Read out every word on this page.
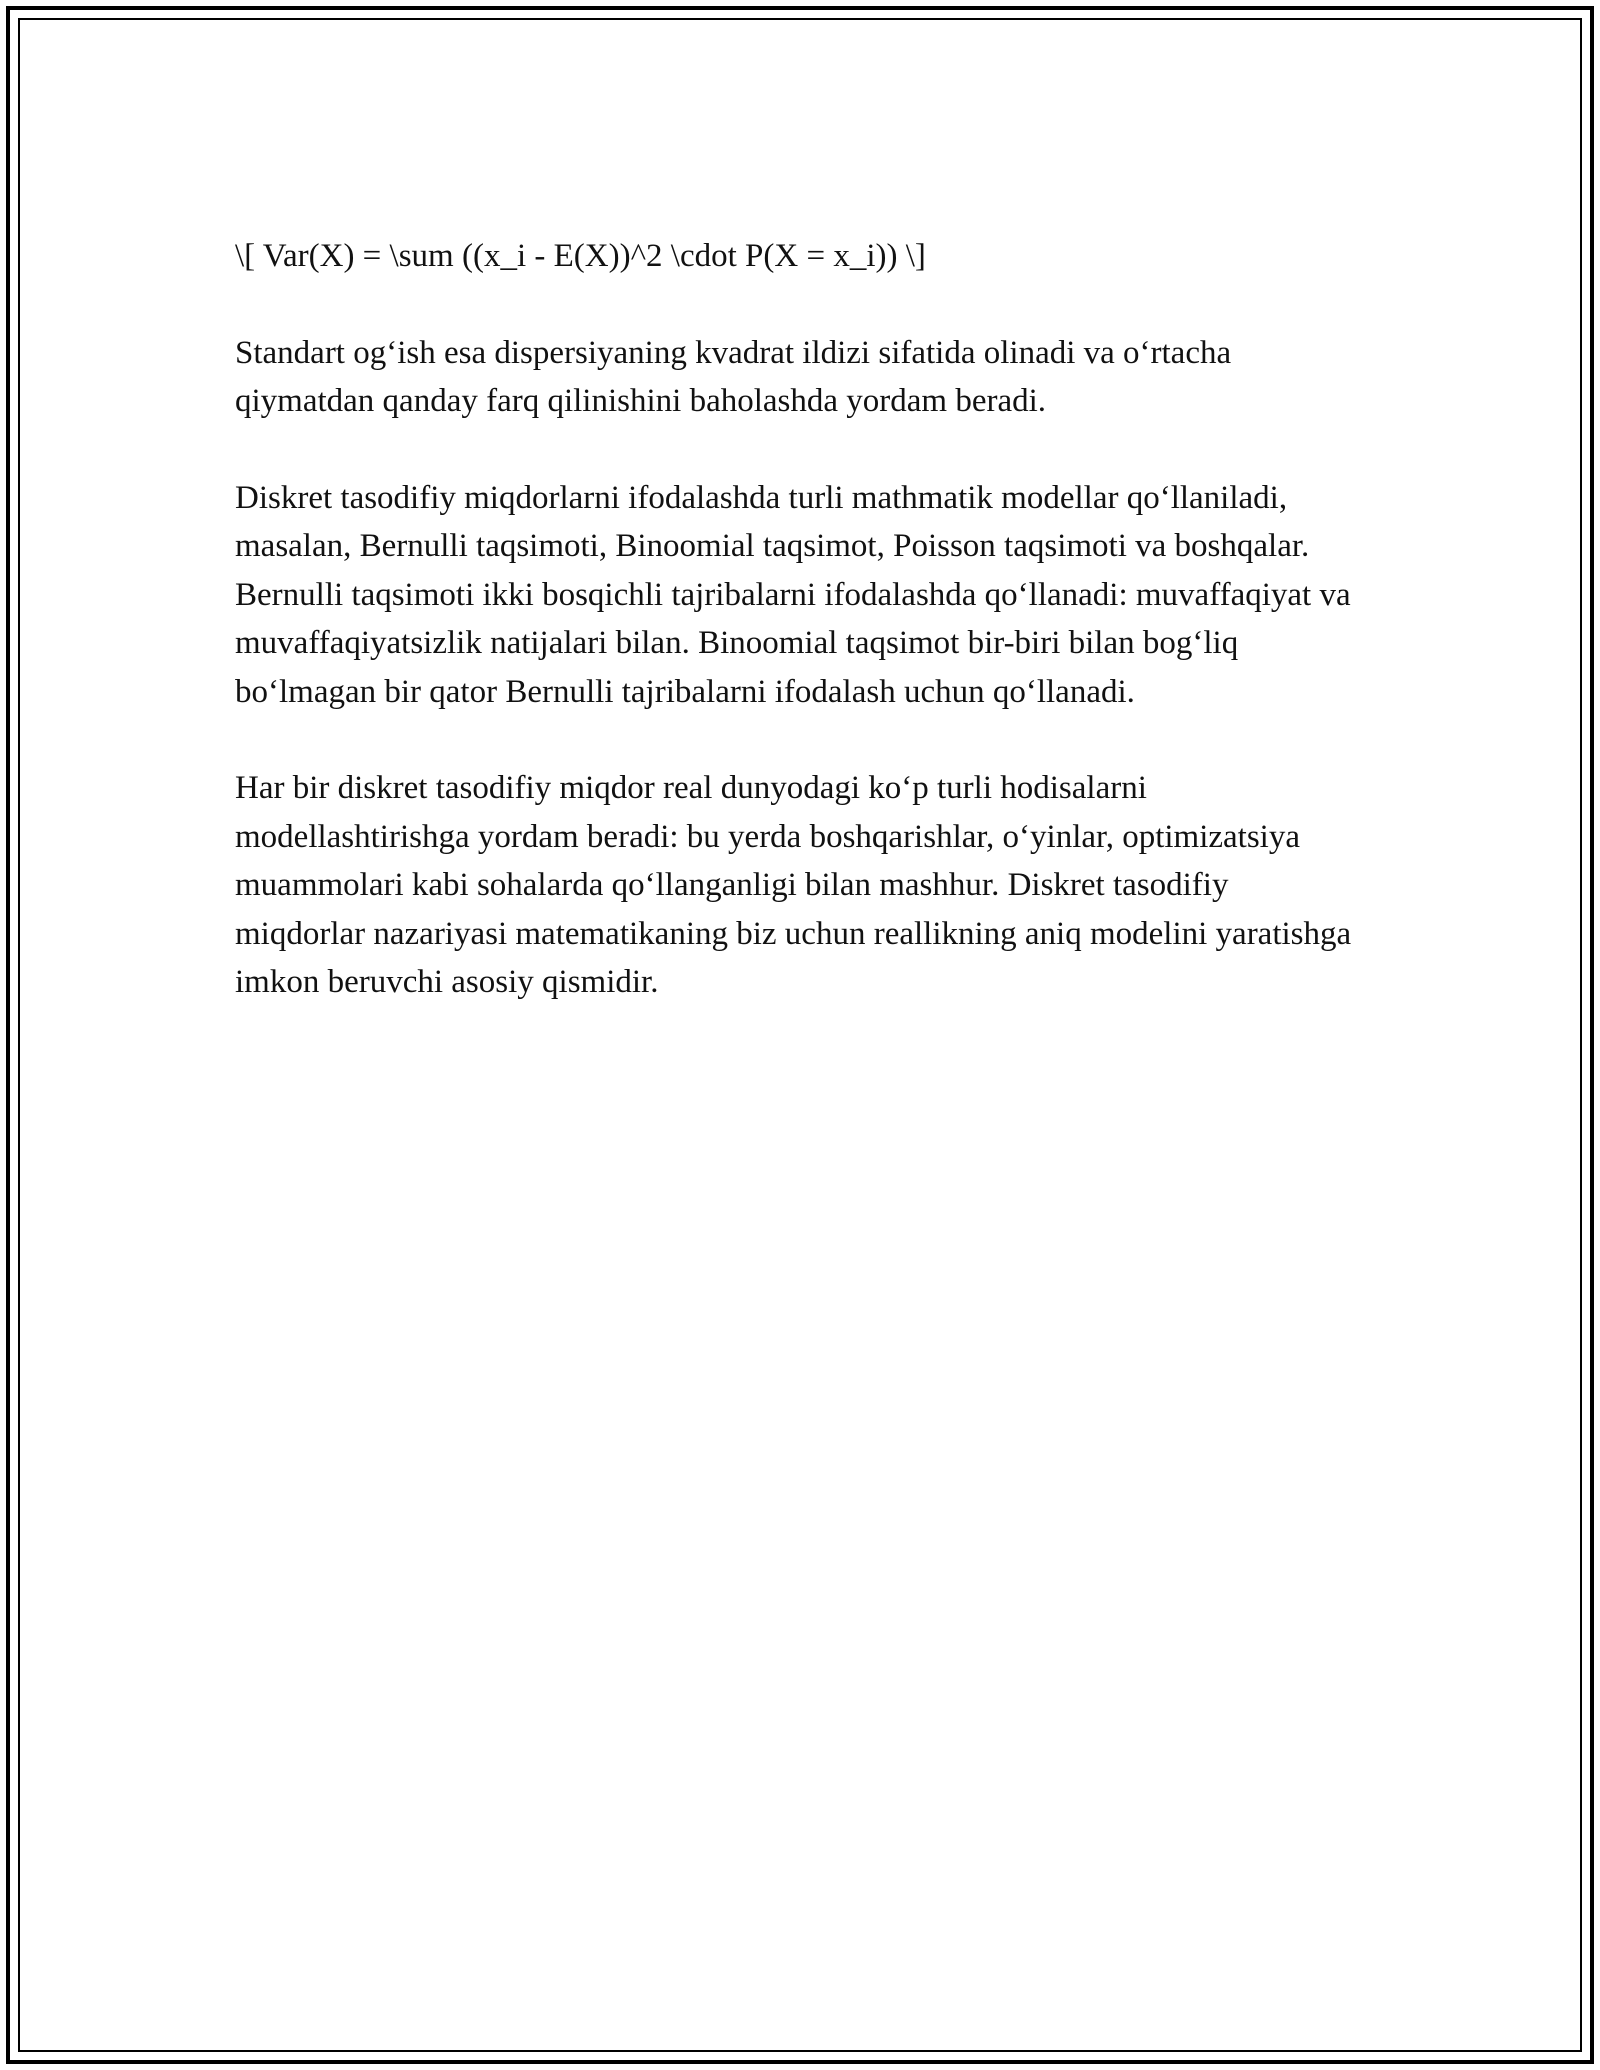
\[ Var(X) = \sum ((x_i - E(X))^2 \cdot P(X = x_i)) \]

Standart og‘ish esa dispersiyaning kvadrat ildizi sifatida olinadi va o‘rtacha qiymatdan qanday farq qilinishini baholashda yordam beradi.

Diskret tasodifiy miqdorlarni ifodalashda turli mathmatik modellar qo‘llaniladi, masalan, Bernulli taqsimoti, Binoomial taqsimot, Poisson taqsimoti va boshqalar. Bernulli taqsimoti ikki bosqichli tajribalarni ifodalashda qo‘llanadi: muvaffaqiyat va muvaffaqiyatsizlik natijalari bilan. Binoomial taqsimot bir-biri bilan bog‘liq bo‘lmagan bir qator Bernulli tajribalarni ifodalash uchun qo‘llanadi.

Har bir diskret tasodifiy miqdor real dunyodagi ko‘p turli hodisalarni modellashtirishga yordam beradi: bu yerda boshqarishlar, o‘yinlar, optimizatsiya muammolari kabi sohalarda qo‘llanganligi bilan mashhur. Diskret tasodifiy miqdorlar nazariyasi matematikaning biz uchun reallikning aniq modelini yaratishga imkon beruvchi asosiy qismidir.
